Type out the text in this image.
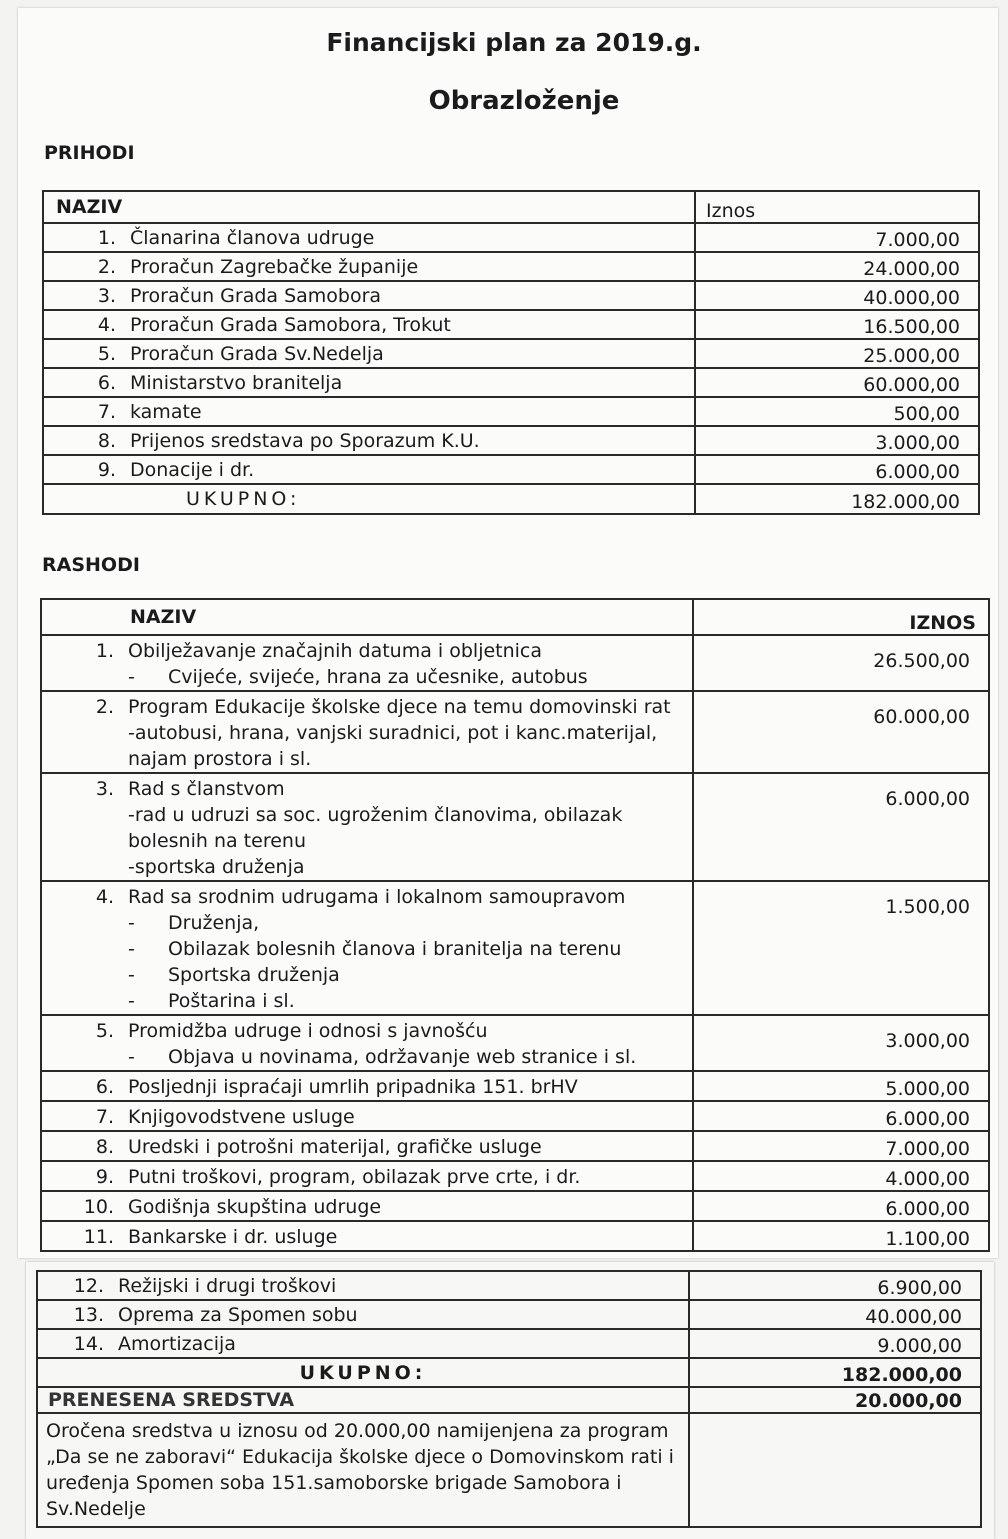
Financijski plan za 2019.g.
Obrazloženje
PRIHODI
NAZIV	Iznos
1. Članarina članova udruge	7.000,00
2. Proračun Zagrebačke županije	24.000,00
3. Proračun Grada Samobora	40.000,00
4. Proračun Grada Samobora, Trokut	16.500,00
5. Proračun Grada Sv.Nedelja	25.000,00
6. Ministarstvo branitelja	60.000,00
7. kamate	500,00
8. Prijenos sredstava po Sporazum K.U.	3.000,00
9. Donacije i dr.	6.000,00
UKUPNO:	182.000,00
RASHODI
NAZIV	IZNOS

1. Obilježavanje značajnih datuma i obljetnica
- Cvijeće, svijeće, hrana za učesnike, autobus	26.500,00

2. Program Edukacije školske djece na temu domovinski rat
-autobusi, hrana, vanjski suradnici, pot i kanc.materijal,
najam prostora i sl.	60.000,00

3. Rad s članstvom
-rad u udruzi sa soc. ugroženim članovima, obilazak
bolesnih na terenu
-sportska druženja	6.000,00

4. Rad sa srodnim udrugama i lokalnom samoupravom
- Druženja,
- Obilazak bolesnih članova i branitelja na terenu
- Sportska druženja
- Poštarina i sl.	1.500,00

5. Promidžba udruge i odnosi s javnošću
- Objava u novinama, održavanje web stranice i sl.	3.000,00

6. Posljednji ispraćaji umrlih pripadnika 151. brHV	5.000,00

7. Knjigovodstvene usluge	6.000,00

8. Uredski i potrošni materijal, grafičke usluge	7.000,00

9. Putni troškovi, program, obilazak prve crte, i dr.	4.000,00

10. Godišnja skupština udruge	6.000,00

11. Bankarske i dr. usluge	1.100,00
12. Režijski i drugi troškovi	6.900,00
13. Oprema za Spomen sobu	40.000,00
14. Amortizacija	9.000,00
UKUPNO:	182.000,00
PRENESENA SREDSTVA	20.000,00

Oročena sredstva u iznosu od 20.000,00 namijenjena za program
„Da se ne zaboravi“ Edukacija školske djece o Domovinskom rati i
uređenja Spomen soba 151.samoborske brigade Samobora i
Sv.Nedelje	
